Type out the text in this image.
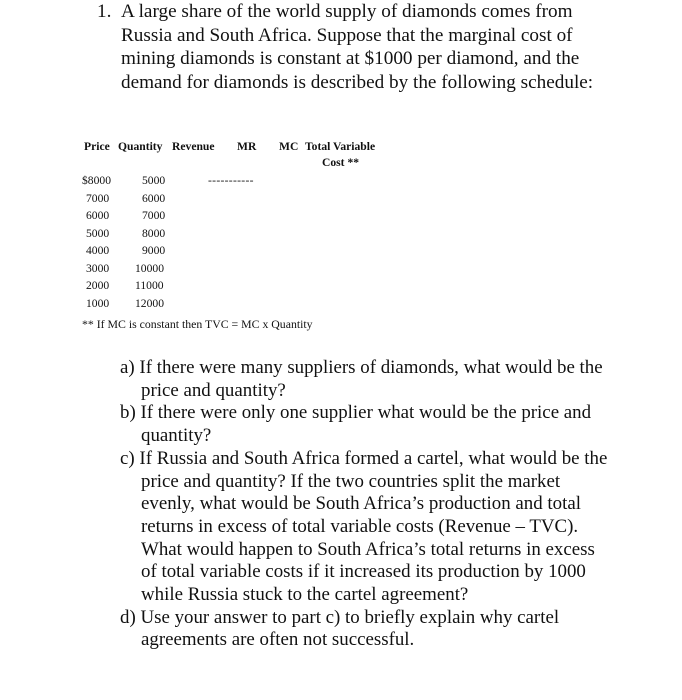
1. A large share of the world supply of diamonds comes from Russia and South Africa. Suppose that the marginal cost of mining diamonds is constant at $1000 per diamond, and the demand for diamonds is described by the following schedule:
Price Quantity Revenue MR MC Total Variable
Cost **
-----------
$8000	5000
7000	6000
6000	7000
5000	8000
4000	9000
3000 10000
2000 11000
1000 12000
** If MC is constant then TVC = MC x Quantity
a) If there were many suppliers of diamonds, what would be the price and quantity?
b) If there were only one supplier what would be the price and quantity?
c) If Russia and South Africa formed a cartel, what would be the price and quantity? If the two countries split the market evenly, what would be South Africa’s production and total returns in excess of total variable costs (Revenue – TVC). What would happen to South Africa’s total returns in excess of total variable costs if it increased its production by 1000 while Russia stuck to the cartel agreement?
d) Use your answer to part c) to briefly explain why cartel agreements are often not successful.
